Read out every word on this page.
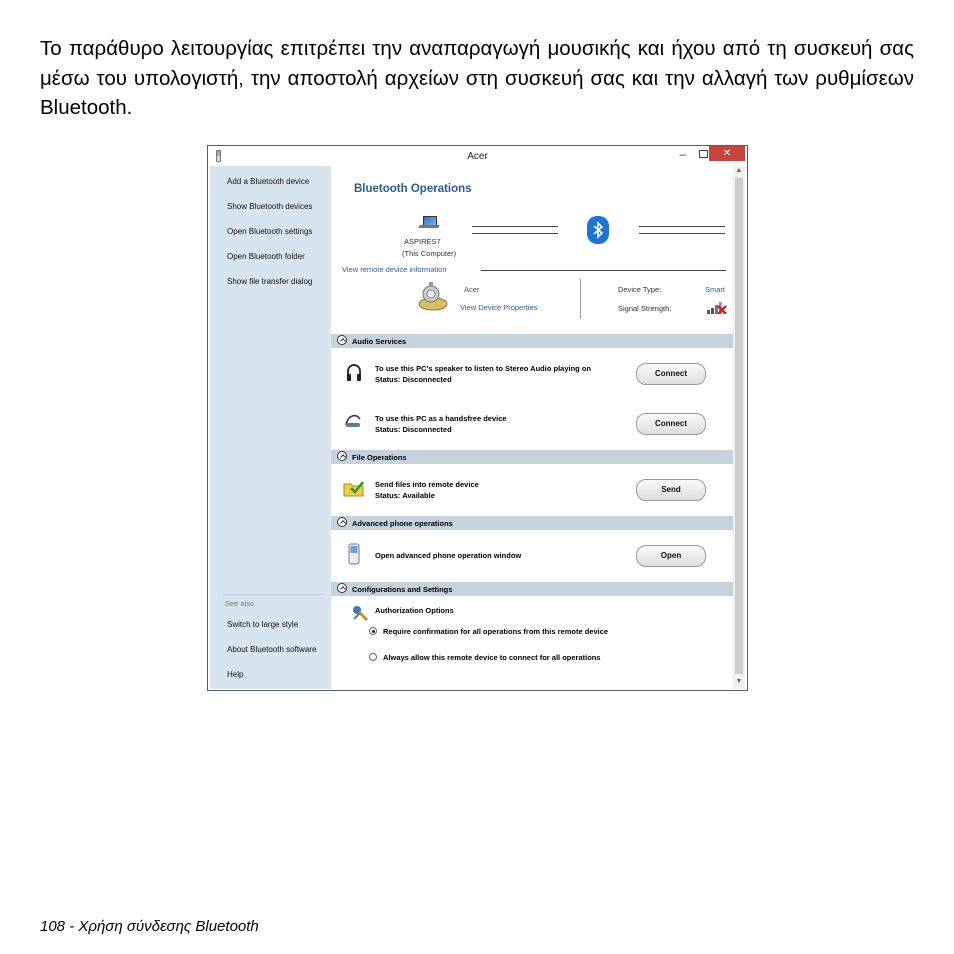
Το παράθυρο λειτουργίας επιτρέπει την αναπαραγωγή μουσικής και ήχου από τη συσκευή σας μέσω του υπολογιστή, την αποστολή αρχείων στη συσκευή σας και την αλλαγή των ρυθμίσεων Bluetooth.

Acer	–	✕
Add a Bluetooth device
Show Bluetooth devices
Open Bluetooth settings
Open Bluetooth folder
Show file transfer dialog
See also
Switch to large style
About Bluetooth software
Help
Bluetooth Operations
ASPIRES7
(This Computer)
View remote device information
Acer
View Device Properties
Device Type:	Smart
Signal Strength:
Audio Services
To use this PC's speaker to listen to Stereo Audio playing on
Status: Disconnected
Connect
To use this PC as a handsfree device
Status: Disconnected
Connect
File Operations
Send files into remote device
Status: Available
Send
Advanced phone operations
Open advanced phone operation window	Open
Configurations and Settings
Authorization Options
Require confirmation for all operations from this remote device
Always allow this remote device to connect for all operations
▲
▼
108 - Χρήση σύνδεσης Bluetooth
